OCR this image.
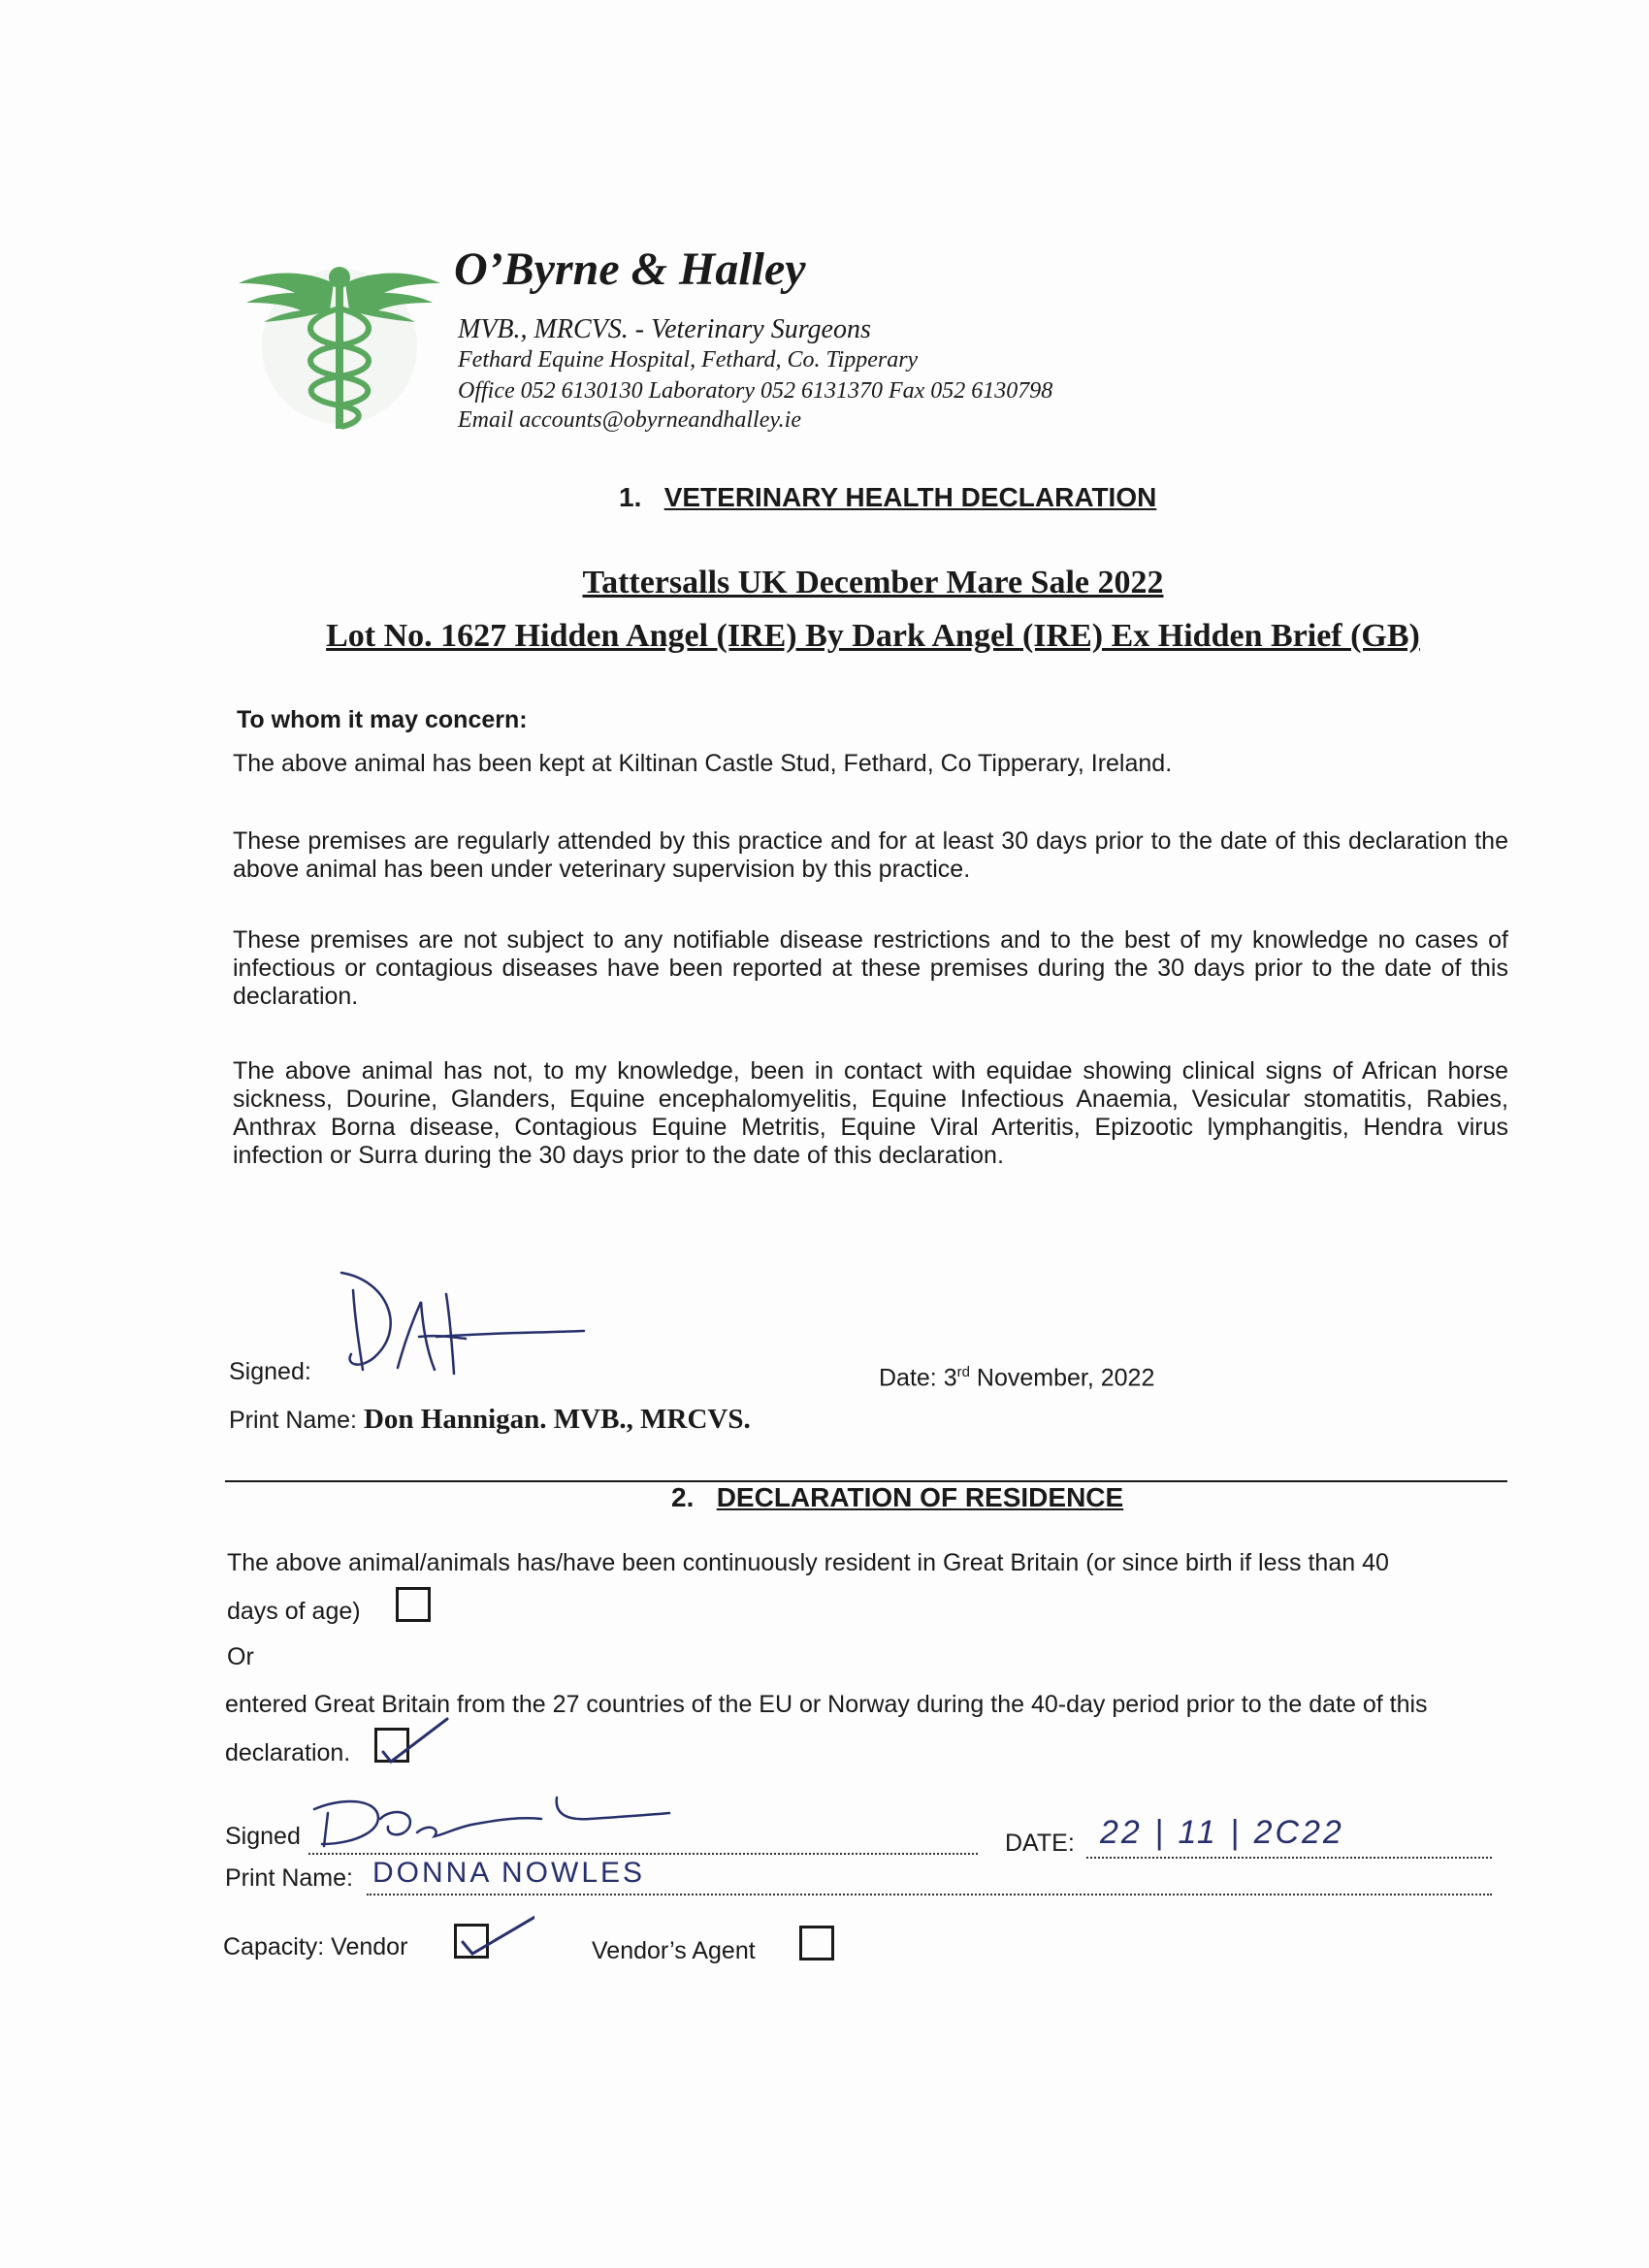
O’Byrne & Halley
MVB., MRCVS. - Veterinary Surgeons
Fethard Equine Hospital, Fethard, Co. Tipperary
Office 052 6130130 Laboratory 052 6131370 Fax 052 6130798
Email accounts@obyrneandhalley.ie
1. VETERINARY HEALTH DECLARATION
Tattersalls UK December Mare Sale 2022
Lot No. 1627 Hidden Angel (IRE) By Dark Angel (IRE) Ex Hidden Brief (GB)
To whom it may concern:
The above animal has been kept at Kiltinan Castle Stud, Fethard, Co Tipperary, Ireland.
These premises are regularly attended by this practice and for at least 30 days prior to the date of this declaration the above animal has been under veterinary supervision by this practice.
These premises are not subject to any notifiable disease restrictions and to the best of my knowledge no cases of infectious or contagious diseases have been reported at these premises during the 30 days prior to the date of this declaration.
The above animal has not, to my knowledge, been in contact with equidae showing clinical signs of African horse sickness, Dourine, Glanders, Equine encephalomyelitis, Equine Infectious Anaemia, Vesicular stomatitis, Rabies, Anthrax Borna disease, Contagious Equine Metritis, Equine Viral Arteritis, Epizootic lymphangitis, Hendra virus infection or Surra during the 30 days prior to the date of this declaration.
Signed:	Date: 3rd November, 2022
Print Name: Don Hannigan. MVB., MRCVS.
2. DECLARATION OF RESIDENCE
The above animal/animals has/have been continuously resident in Great Britain (or since birth if less than 40
days of age)
Or
entered Great Britain from the 27 countries of the EU or Norway during the 40-day period prior to the date of this
declaration.
Signed	DATE: 22 | 11 | 2C22
Print Name: DONNA NOWLES
Capacity: Vendor	Vendor’s Agent
